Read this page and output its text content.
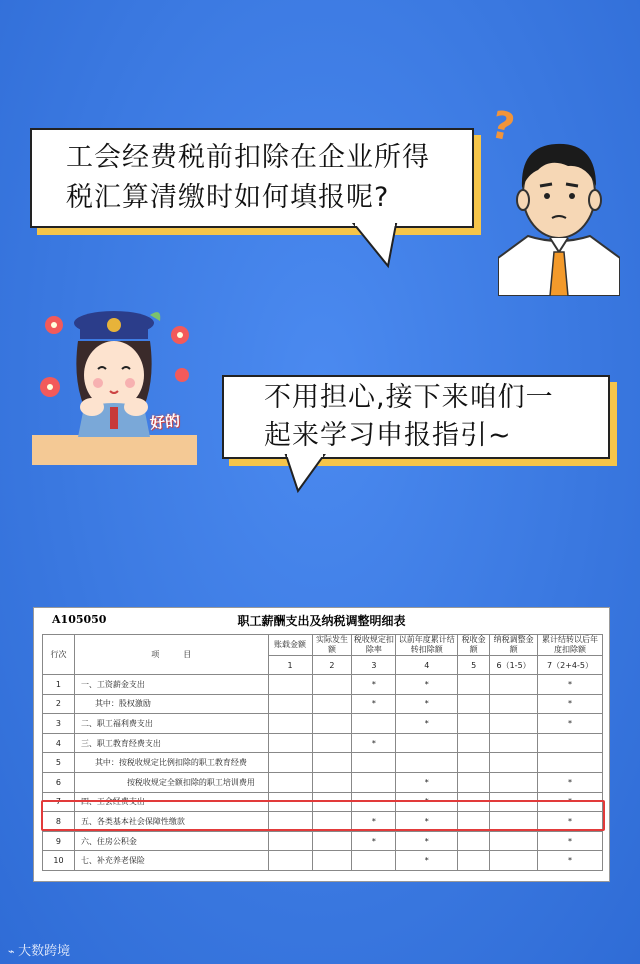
工会经费税前扣除在企业所得
税汇算清缴时如何填报呢?
?
好的
不用担心,接下来咱们一
起来学习申报指引~
A105050	职工薪酬支出及纳税调整明细表
行次	项　　　目	账载金额	实际发生额	税收规定扣除率	以前年度累计结转扣除额	税收金额	纳税调整金额	累计结转以后年度扣除额
		1	2	3	4	5	6（1-5）	7（2+4-5）
1	一、工资薪金支出			*	*			*
2	其中：股权激励			*	*			*
3	二、职工福利费支出				*			*
4	三、职工教育经费支出			*				
5	其中：按税收规定比例扣除的职工教育经费							
6	按税收规定全额扣除的职工培训费用				*			*
7	四、工会经费支出				*			*
8	五、各类基本社会保障性缴款			*	*			*
9	六、住房公积金			*	*			*
10	七、补充养老保险				*			*
⌁ 大数跨境
